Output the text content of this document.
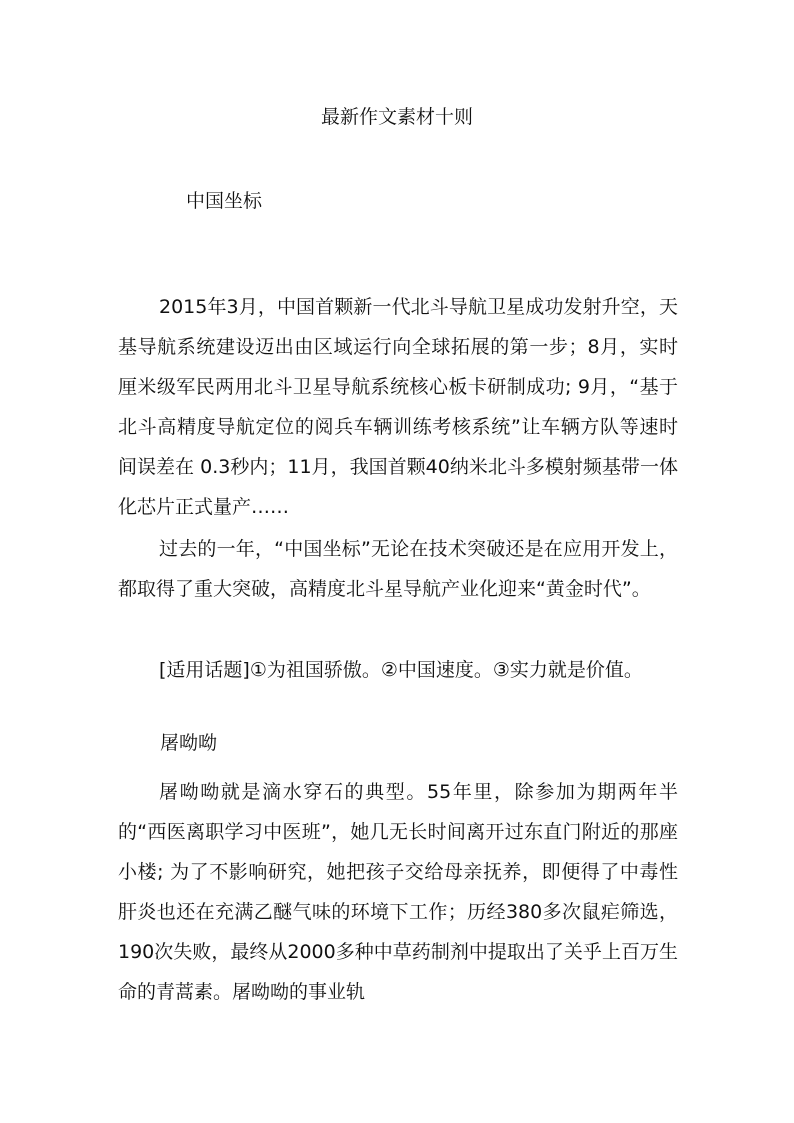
最新作文素材十则
中国坐标

2015年3月，中国首颗新一代北斗导航卫星成功发射升空，天基导航系统建设迈出由区域运行向全球拓展的第一步；8月，实时厘米级军民两用北斗卫星导航系统核心板卡研制成功; 9月，“基于北斗高精度导航定位的阅兵车辆训练考核系统”让车辆方队等速时间误差在 0.3秒内；11月，我国首颗40纳米北斗多模射频基带一体化芯片正式量产……

过去的一年，“中国坐标”无论在技术突破还是在应用开发上，都取得了重大突破，高精度北斗星导航产业化迎来“黄金时代”。

[适用话题]①为祖国骄傲。②中国速度。③实力就是价值。

屠呦呦

屠呦呦就是滴水穿石的典型。55年里，除参加为期两年半的“西医离职学习中医班”，她几无长时间离开过东直门附近的那座小楼; 为了不影响研究，她把孩子交给母亲抚养，即便得了中毒性肝炎也还在充满乙醚气味的环境下工作；历经380多次鼠疟筛选，190次失败，最终从2000多种中草药制剂中提取出了关乎上百万生命的青蒿素。屠呦呦的事业轨
